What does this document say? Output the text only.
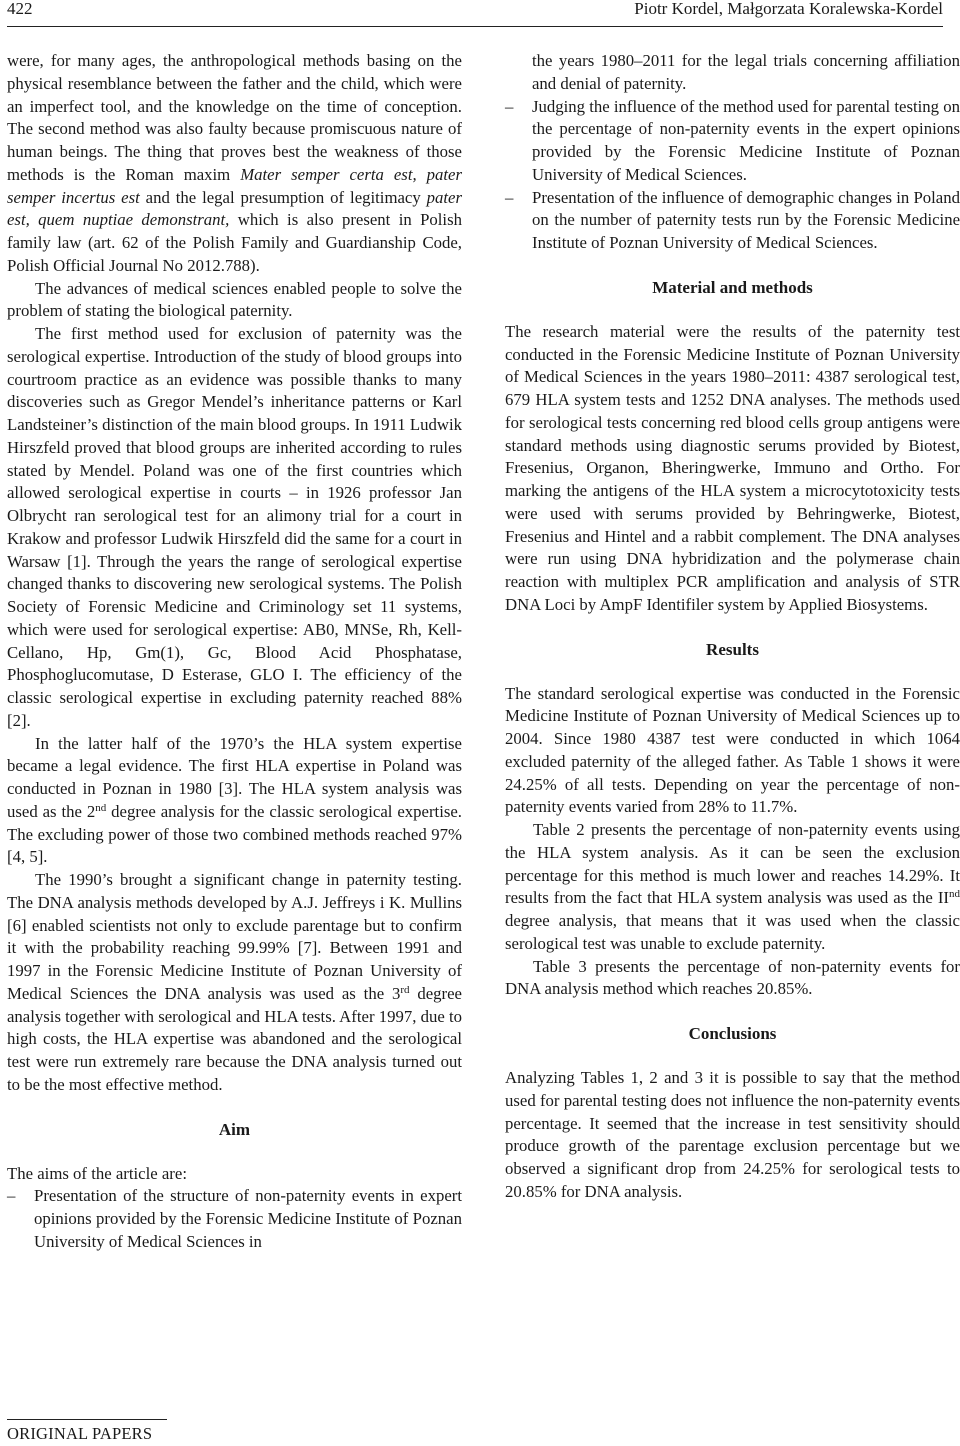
422	Piotr Kordel, Małgorzata Koralewska-Kordel

were, for many ages, the anthropological methods basing on the physical resemblance between the father and the child, which were an imperfect tool, and the knowledge on the time of conception. The second method was also faulty because promiscuous nature of human beings. The thing that proves best the weakness of those methods is the Roman maxim Mater semper certa est, pater semper incertus est and the legal presumption of legitimacy pater est, quem nuptiae demonstrant, which is also present in Polish family law (art. 62 of the Polish Family and Guardianship Code, Polish Official Journal No 2012.788).

The advances of medical sciences enabled people to solve the problem of stating the biological paternity.

The first method used for exclusion of paternity was the serological expertise. Introduction of the study of blood groups into courtroom practice as an evidence was possible thanks to many discoveries such as Gregor Mendel’s inheritance patterns or Karl Landsteiner’s distinction of the main blood groups. In 1911 Ludwik Hirszfeld proved that blood groups are inherited according to rules stated by Mendel. Poland was one of the first countries which allowed serological expertise in courts – in 1926 professor Jan Olbrycht ran serological test for an alimony trial for a court in Krakow and professor Ludwik Hirszfeld did the same for a court in Warsaw [1]. Through the years the range of serological expertise changed thanks to discovering new serological systems. The Polish Society of Forensic Medicine and Criminology set 11 systems, which were used for serological expertise: AB0, MNSe, Rh, Kell-Cellano, Hp, Gm(1), Gc, Blood Acid Phosphatase, Phosphoglucomutase, D Esterase, GLO I. The efficiency of the classic serological expertise in excluding paternity reached 88% [2].

In the latter half of the 1970’s the HLA system expertise became a legal evidence. The first HLA expertise in Poland was conducted in Poznan in 1980 [3]. The HLA system analysis was used as the 2nd degree analysis for the classic serological expertise. The excluding power of those two combined methods reached 97% [4, 5].

The 1990’s brought a significant change in paternity testing. The DNA analysis methods developed by A.J. Jeffreys i K. Mullins [6] enabled scientists not only to exclude parentage but to confirm it with the probability reaching 99.99% [7]. Between 1991 and 1997 in the Forensic Medicine Institute of Poznan University of Medical Sciences the DNA analysis was used as the 3rd degree analysis together with serological and HLA tests. After 1997, due to high costs, the HLA expertise was abandoned and the serological test were run extremely rare because the DNA analysis turned out to be the most effective method.

Aim

The aims of the article are:

– Presentation of the structure of non-paternity events in expert opinions provided by the Forensic Medicine Institute of Poznan University of Medical Sciences in
the years 1980–2011 for the legal trials concerning affiliation and denial of paternity.
– Judging the influence of the method used for parental testing on the percentage of non-paternity events in the expert opinions provided by the Forensic Medicine Institute of Poznan University of Medical Sciences.
– Presentation of the influence of demographic changes in Poland on the number of paternity tests run by the Forensic Medicine Institute of Poznan University of Medical Sciences.
Material and methods

The research material were the results of the paternity test conducted in the Forensic Medicine Institute of Poznan University of Medical Sciences in the years 1980–2011: 4387 serological test, 679 HLA system tests and 1252 DNA analyses. The methods used for serological tests concerning red blood cells group antigens were standard methods using diagnostic serums provided by Biotest, Fresenius, Organon, Bheringwerke, Immuno and Ortho. For marking the antigens of the HLA system a microcytotoxicity tests were used with serums provided by Behringwerke, Biotest, Fresenius and Hintel and a rabbit complement. The DNA analyses were run using DNA hybridization and the polymerase chain reaction with multiplex PCR amplification and analysis of STR DNA Loci by AmpF Identifiler system by Applied Biosystems.

Results

The standard serological expertise was conducted in the Forensic Medicine Institute of Poznan University of Medical Sciences up to 2004. Since 1980 4387 test were conducted in which 1064 excluded paternity of the alleged father. As Table 1 shows it were 24.25% of all tests. Depending on year the percentage of non-paternity events varied from 28% to 11.7%.

Table 2 presents the percentage of non-paternity events using the HLA system analysis. As it can be seen the exclusion percentage for this method is much lower and reaches 14.29%. It results from the fact that HLA system analysis was used as the IInd degree analysis, that means that it was used when the classic serological test was unable to exclude paternity.

Table 3 presents the percentage of non-paternity events for DNA analysis method which reaches 20.85%.

Conclusions

Analyzing Tables 1, 2 and 3 it is possible to say that the method used for parental testing does not influence the non-paternity events percentage. It seemed that the increase in test sensitivity should produce growth of the parentage exclusion percentage but we observed a significant drop from 24.25% for serological tests to 20.85% for DNA analysis.

ORIGINAL PAPERS
